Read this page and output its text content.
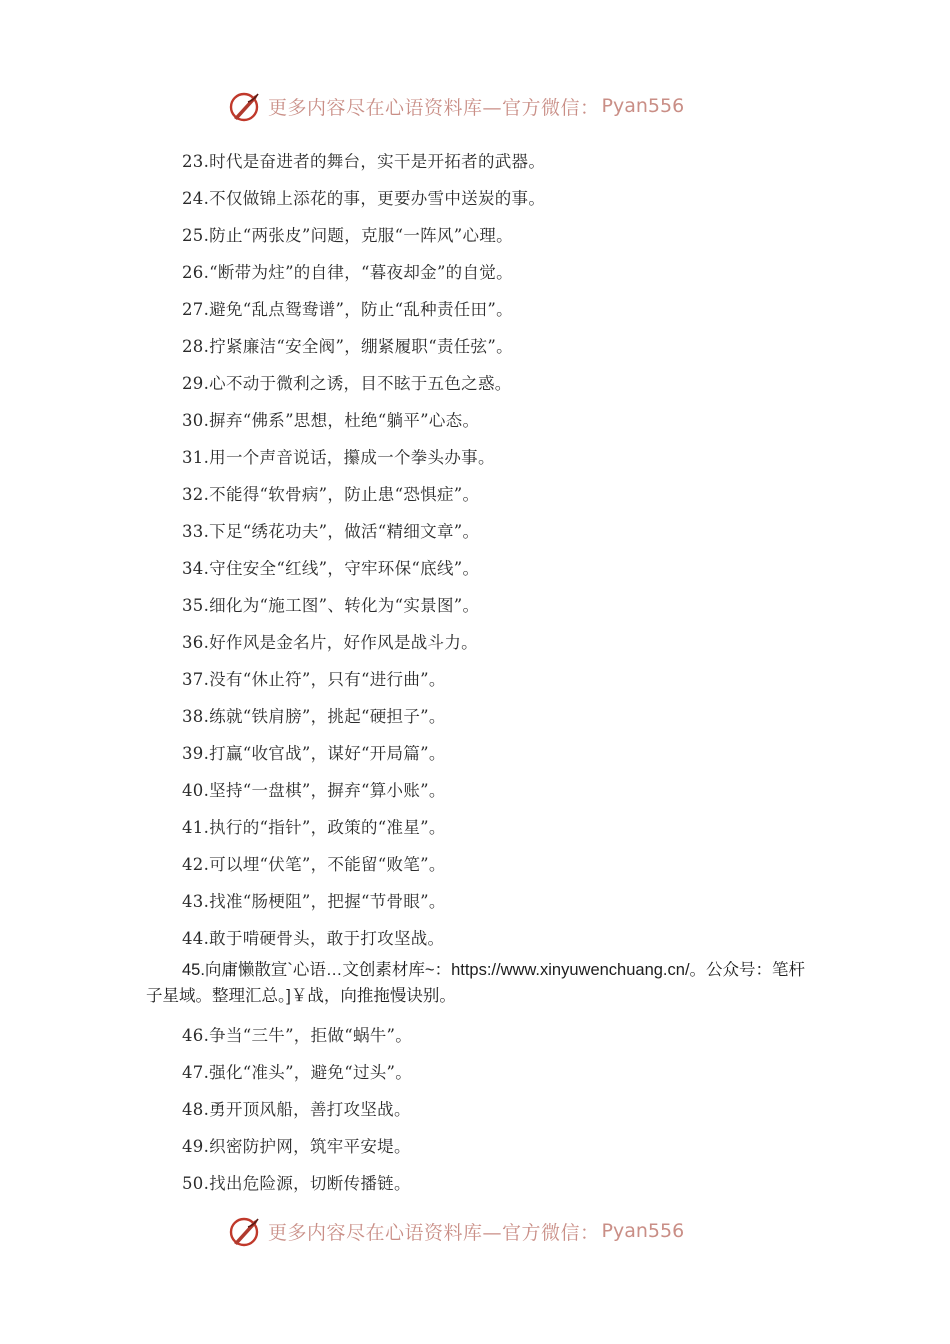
更多内容尽在心语资料库—官方微信： Pyan556
23.时代是奋进者的舞台，实干是开拓者的武器。
24.不仅做锦上添花的事，更要办雪中送炭的事。
25.防止“两张皮”问题，克服“一阵风”心理。
26.“断带为炷”的自律，“暮夜却金”的自觉。
27.避免“乱点鸳鸯谱”，防止“乱种责任田”。
28.拧紧廉洁“安全阀”，绷紧履职“责任弦”。
29.心不动于微利之诱，目不眩于五色之惑。
30.摒弃“佛系”思想，杜绝“躺平”心态。
31.用一个声音说话，攥成一个拳头办事。
32.不能得“软骨病”，防止患“恐惧症”。
33.下足“绣花功夫”，做活“精细文章”。
34.守住安全“红线”，守牢环保“底线”。
35.细化为“施工图”、转化为“实景图”。
36.好作风是金名片，好作风是战斗力。
37.没有“休止符”，只有“进行曲”。
38.练就“铁肩膀”，挑起“硬担子”。
39.打赢“收官战”，谋好“开局篇”。
40.坚持“一盘棋”，摒弃“算小账”。
41.执行的“指针”，政策的“准星”。
42.可以埋“伏笔”，不能留“败笔”。
43.找准“肠梗阻”，把握“节骨眼”。
44.敢于啃硬骨头，敢于打攻坚战。
45.向庸懒散宣`心语…文创素材库~：https://www.xinyuwenchuang.cn/。公众号：笔杆子星域。整理汇总。]￥战，向推拖慢诀别。
46.争当“三牛”，拒做“蜗牛”。
47.强化“准头”，避免“过头”。
48.勇开顶风船，善打攻坚战。
49.织密防护网，筑牢平安堤。
50.找出危险源，切断传播链。
更多内容尽在心语资料库—官方微信： Pyan556
